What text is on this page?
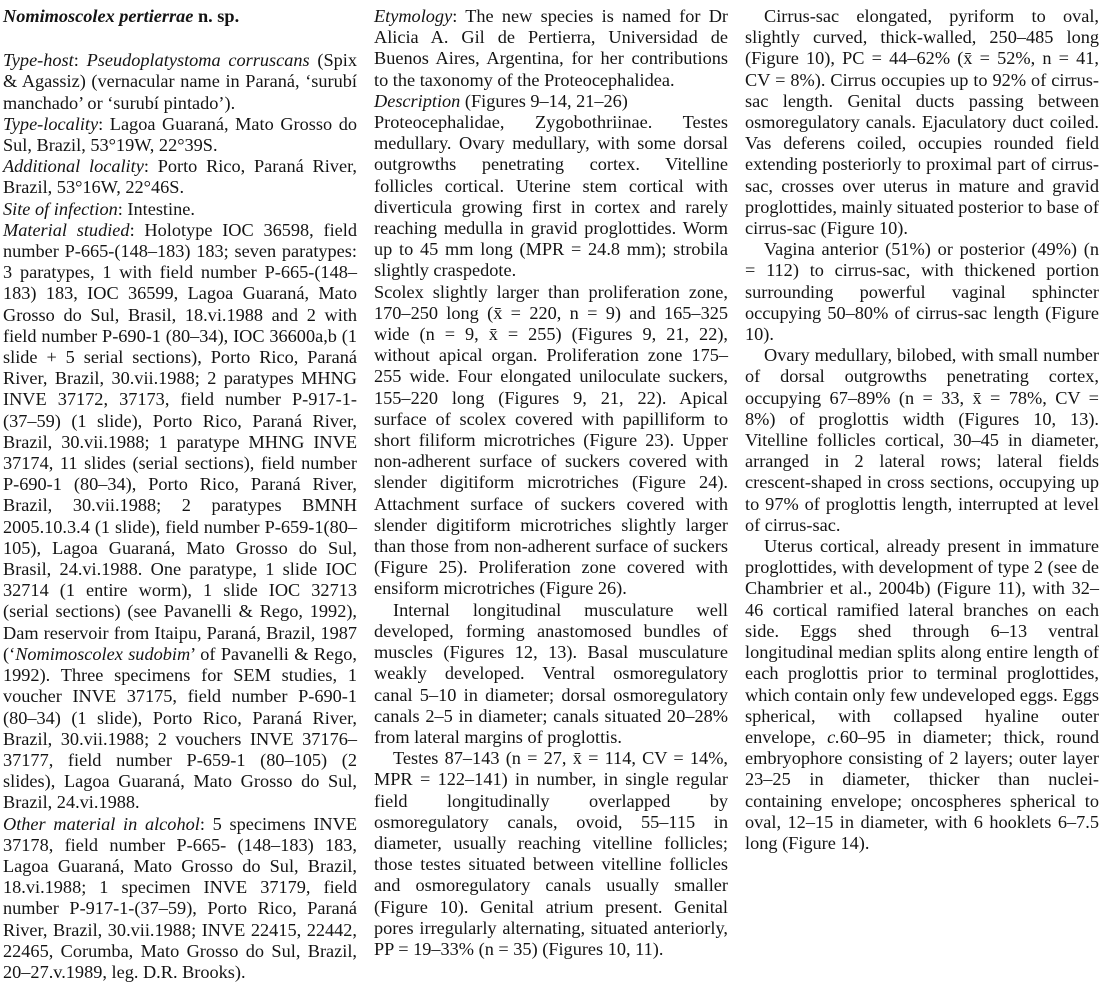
Nomimoscolex pertierrae n. sp.

Type-host: Pseudoplatystoma corruscans (Spix & Agassiz) (vernacular name in Paraná, ‘surubí manchado’ or ‘surubí pintado’).

Type-locality: Lagoa Guaraná, Mato Grosso do Sul, Brazil, 53°19W, 22°39S.

Additional locality: Porto Rico, Paraná River, Brazil, 53°16W, 22°46S.

Site of infection: Intestine.

Material studied: Holotype IOC 36598, field number P-665-(148–183) 183; seven paratypes: 3 paratypes, 1 with field number P-665-(148–183) 183, IOC 36599, Lagoa Guaraná, Mato Grosso do Sul, Brasil, 18.vi.1988 and 2 with field number P-690-1 (80–34), IOC 36600a,b (1 slide + 5 serial sections), Porto Rico, Paraná River, Brazil, 30.vii.1988; 2 paratypes MHNG INVE 37172, 37173, field number P-917-1-(37–59) (1 slide), Porto Rico, Paraná River, Brazil, 30.vii.1988; 1 paratype MHNG INVE 37174, 11 slides (serial sections), field number P-690-1 (80–34), Porto Rico, Paraná River, Brazil, 30.vii.1988; 2 paratypes BMNH 2005.10.3.4 (1 slide), field number P-659-1(80–105), Lagoa Guaraná, Mato Grosso do Sul, Brasil, 24.vi.1988. One paratype, 1 slide IOC 32714 (1 entire worm), 1 slide IOC 32713 (serial sections) (see Pavanelli & Rego, 1992), Dam reservoir from Itaipu, Paraná, Brazil, 1987 (‘Nomimoscolex sudobim’ of Pavanelli & Rego, 1992). Three specimens for SEM studies, 1 voucher INVE 37175, field number P-690-1 (80–34) (1 slide), Porto Rico, Paraná River, Brazil, 30.vii.1988; 2 vouchers INVE 37176–37177, field number P-659-1 (80–105) (2 slides), Lagoa Guaraná, Mato Grosso do Sul, Brazil, 24.vi.1988.

Other material in alcohol: 5 specimens INVE 37178, field number P-665- (148–183) 183, Lagoa Guaraná, Mato Grosso do Sul, Brazil, 18.vi.1988; 1 specimen INVE 37179, field number P-917-1-(37–59), Porto Rico, Paraná River, Brazil, 30.vii.1988; INVE 22415, 22442, 22465, Corumba, Mato Grosso do Sul, Brazil, 20–27.v.1989, leg. D.R. Brooks).

Etymology: The new species is named for Dr Alicia A. Gil de Pertierra, Universidad de Buenos Aires, Argentina, for her contributions to the taxonomy of the Proteocephalidea.

Description (Figures 9–14, 21–26)

Proteocephalidae, Zygobothriinae. Testes medullary. Ovary medullary, with some dorsal outgrowths penetrating cortex. Vitelline follicles cortical. Uterine stem cortical with diverticula growing first in cortex and rarely reaching medulla in gravid proglottides. Worm up to 45 mm long (MPR = 24.8 mm); strobila slightly craspedote.

Scolex slightly larger than proliferation zone, 170–250 long (x̄ = 220, n = 9) and 165–325 wide (n = 9, x̄ = 255) (Figures 9, 21, 22), without apical organ. Proliferation zone 175–255 wide. Four elongated uniloculate suckers, 155–220 long (Figures 9, 21, 22). Apical surface of scolex covered with papilliform to short filiform microtriches (Figure 23). Upper non-adherent surface of suckers covered with slender digitiform microtriches (Figure 24). Attachment surface of suckers covered with slender digitiform microtriches slightly larger than those from non-adherent surface of suckers (Figure 25). Proliferation zone covered with ensiform microtriches (Figure 26).

Internal longitudinal musculature well developed, forming anastomosed bundles of muscles (Figures 12, 13). Basal musculature weakly developed. Ventral osmoregulatory canal 5–10 in diameter; dorsal osmoregulatory canals 2–5 in diameter; canals situated 20–28% from lateral margins of proglottis.

Testes 87–143 (n = 27, x̄ = 114, CV = 14%, MPR = 122–141) in number, in single regular field longitudinally overlapped by osmoregulatory canals, ovoid, 55–115 in diameter, usually reaching vitelline follicles; those testes situated between vitelline follicles and osmoregulatory canals usually smaller (Figure 10). Genital atrium present. Genital pores irregularly alternating, situated anteriorly, PP = 19–33% (n = 35) (Figures 10, 11).

Cirrus-sac elongated, pyriform to oval, slightly curved, thick-walled, 250–485 long (Figure 10), PC = 44–62% (x̄ = 52%, n = 41, CV = 8%). Cirrus occupies up to 92% of cirrus-sac length. Genital ducts passing between osmoregulatory canals. Ejaculatory duct coiled. Vas deferens coiled, occupies rounded field extending posteriorly to proximal part of cirrus-sac, crosses over uterus in mature and gravid proglottides, mainly situated posterior to base of cirrus-sac (Figure 10).

Vagina anterior (51%) or posterior (49%) (n = 112) to cirrus-sac, with thickened portion surrounding powerful vaginal sphincter occupying 50–80% of cirrus-sac length (Figure 10).

Ovary medullary, bilobed, with small number of dorsal outgrowths penetrating cortex, occupying 67–89% (n = 33, x̄ = 78%, CV = 8%) of proglottis width (Figures 10, 13). Vitelline follicles cortical, 30–45 in diameter, arranged in 2 lateral rows; lateral fields crescent-shaped in cross sections, occupying up to 97% of proglottis length, interrupted at level of cirrus-sac.

Uterus cortical, already present in immature proglottides, with development of type 2 (see de Chambrier et al., 2004b) (Figure 11), with 32–46 cortical ramified lateral branches on each side. Eggs shed through 6–13 ventral longitudinal median splits along entire length of each proglottis prior to terminal proglottides, which contain only few undeveloped eggs. Eggs spherical, with collapsed hyaline outer envelope, c.60–95 in diameter; thick, round embryophore consisting of 2 layers; outer layer 23–25 in diameter, thicker than nuclei-containing envelope; oncospheres spherical to oval, 12–15 in diameter, with 6 hooklets 6–7.5 long (Figure 14).
